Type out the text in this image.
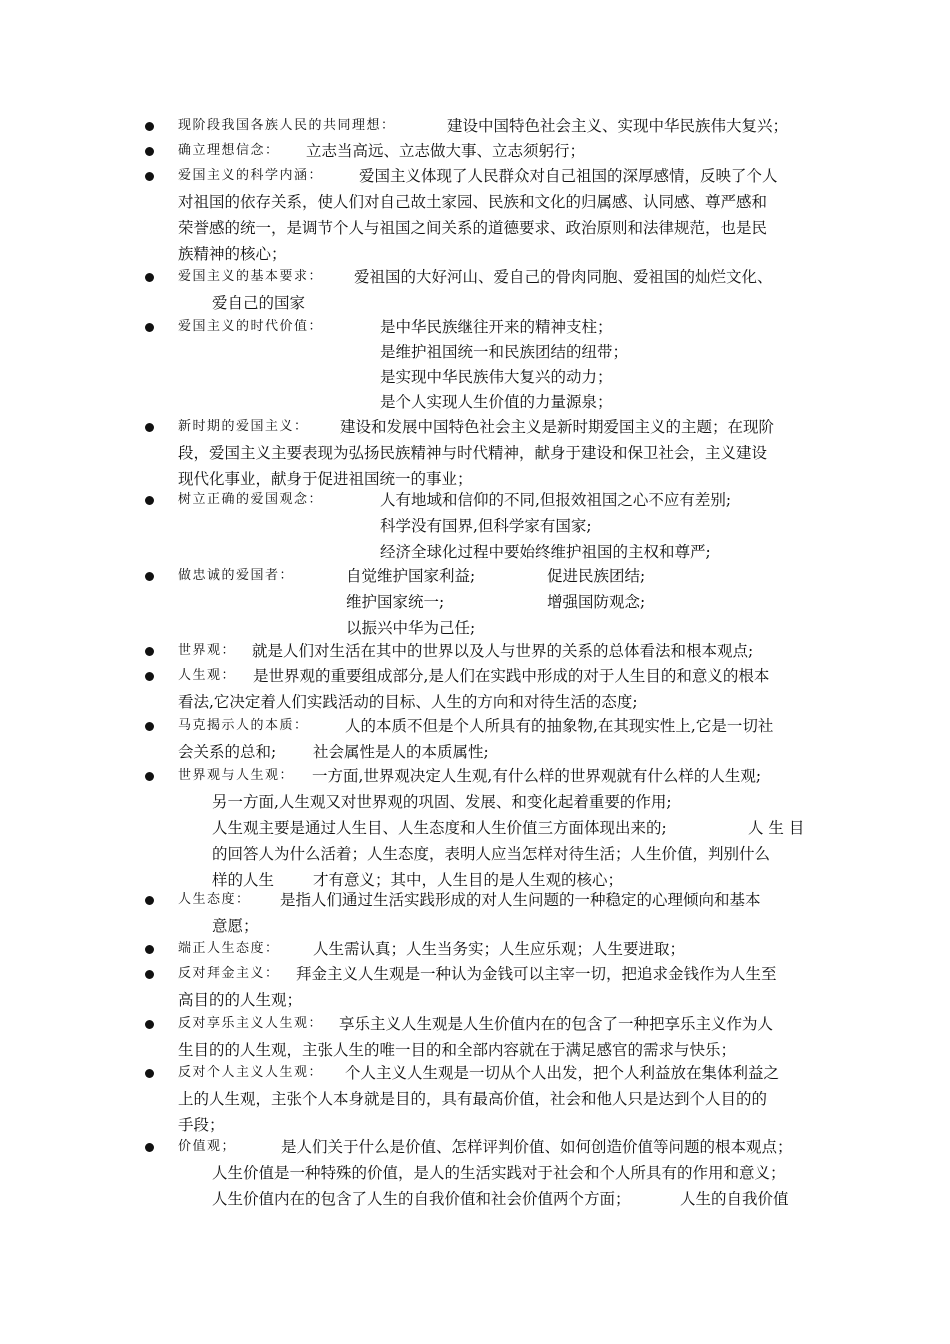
现阶段我国各族人民的共同理想：	建设中国特色社会主义、实现中华民族伟大复兴；
确立理想信念： 立志当高远、立志做大事、立志须躬行；
爱国主义的科学内涵： 爱国主义体现了人民群众对自己祖国的深厚感情，反映了个人
对祖国的依存关系，使人们对自己故土家园、民族和文化的归属感、认同感、尊严感和
荣誉感的统一，是调节个人与祖国之间关系的道德要求、政治原则和法律规范，也是民
族精神的核心；
爱国主义的基本要求： 爱祖国的大好河山、爱自己的骨肉同胞、爱祖国的灿烂文化、
爱自己的国家
爱国主义的时代价值：	是中华民族继往开来的精神支柱；
是维护祖国统一和民族团结的纽带；
是实现中华民族伟大复兴的动力；
是个人实现人生价值的力量源泉；
新时期的爱国主义： 建设和发展中国特色社会主义是新时期爱国主义的主题；在现阶
段，爱国主义主要表现为弘扬民族精神与时代精神，献身于建设和保卫社会，主义建设
现代化事业，献身于促进祖国统一的事业；
树立正确的爱国观念：	人有地域和信仰的不同,但报效祖国之心不应有差别;
科学没有国界,但科学家有国家;
经济全球化过程中要始终维护祖国的主权和尊严;
做忠诚的爱国者：	自觉维护国家利益;	促进民族团结;
维护国家统一;	增强国防观念;
以振兴中华为己任;
世界观： 就是人们对生活在其中的世界以及人与世界的关系的总体看法和根本观点;
人生观： 是世界观的重要组成部分,是人们在实践中形成的对于人生目的和意义的根本
看法,它决定着人们实践活动的目标、人生的方向和对待生活的态度;
马克揭示人的本质： 人的本质不但是个人所具有的抽象物,在其现实性上,它是一切社
会关系的总和; 社会属性是人的本质属性;
世界观与人生观： 一方面,世界观决定人生观,有什么样的世界观就有什么样的人生观;
另一方面,人生观又对世界观的巩固、发展、和变化起着重要的作用;
人生观主要是通过人生目、人生态度和人生价值三方面体现出来的;	人 生 目
的回答人为什么活着；人生态度，表明人应当怎样对待生活；人生价值，判别什么
样的人生	才有意义；其中，人生目的是人生观的核心；
人生态度： 是指人们通过生活实践形成的对人生问题的一种稳定的心理倾向和基本
意愿；
端正人生态度： 人生需认真；人生当务实；人生应乐观；人生要进取；
反对拜金主义： 拜金主义人生观是一种认为金钱可以主宰一切，把追求金钱作为人生至
高目的的人生观；
反对享乐主义人生观： 享乐主义人生观是人生价值内在的包含了一种把享乐主义作为人
生目的的人生观，主张人生的唯一目的和全部内容就在于满足感官的需求与快乐；
反对个人主义人生观： 个人主义人生观是一切从个人出发，把个人利益放在集体利益之
上的人生观，主张个人本身就是目的，具有最高价值，社会和他人只是达到个人目的的
手段；
价值观；	是人们关于什么是价值、怎样评判价值、如何创造价值等问题的根本观点；
人生价值是一种特殊的价值，是人的生活实践对于社会和个人所具有的作用和意义；
人生价值内在的包含了人生的自我价值和社会价值两个方面；	人生的自我价值
